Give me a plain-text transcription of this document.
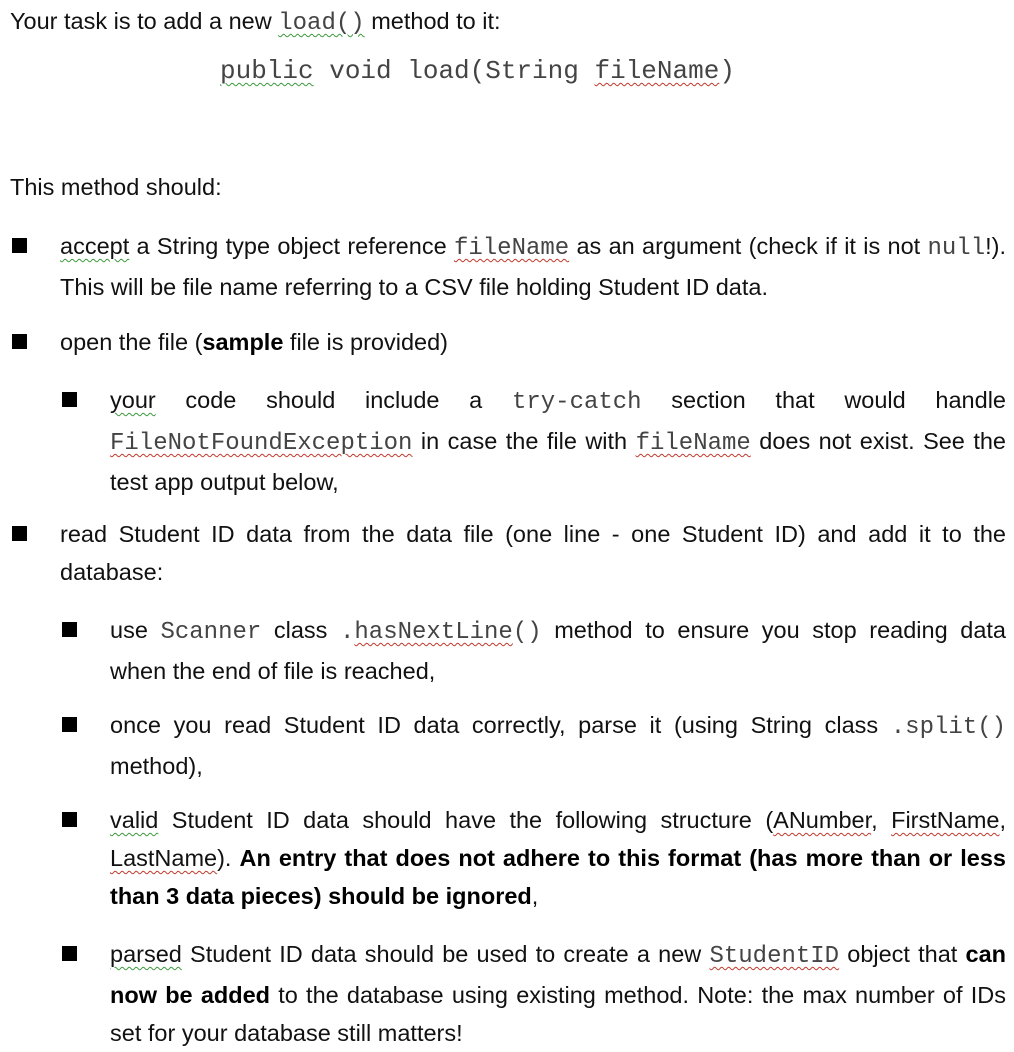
Your task is to add a new load() method to it:
public void load(String fileName)
This method should:
accept a String type object reference fileName as an argument (check if it is not null!). This will be file name referring to a CSV file holding Student ID data.
open the file (sample file is provided)
your code should include a try-catch section that would handle FileNotFoundException in case the file with fileName does not exist. See the test app output below,
read Student ID data from the data file (one line - one Student ID) and add it to the database:
use Scanner class .hasNextLine() method to ensure you stop reading data when the end of file is reached,
once you read Student ID data correctly, parse it (using String class .split() method),
valid Student ID data should have the following structure (ANumber, FirstName, LastName). An entry that does not adhere to this format (has more than or less than 3 data pieces) should be ignored,
parsed Student ID data should be used to create a new StudentID object that can now be added to the database using existing method. Note: the max number of IDs set for your database still matters!
